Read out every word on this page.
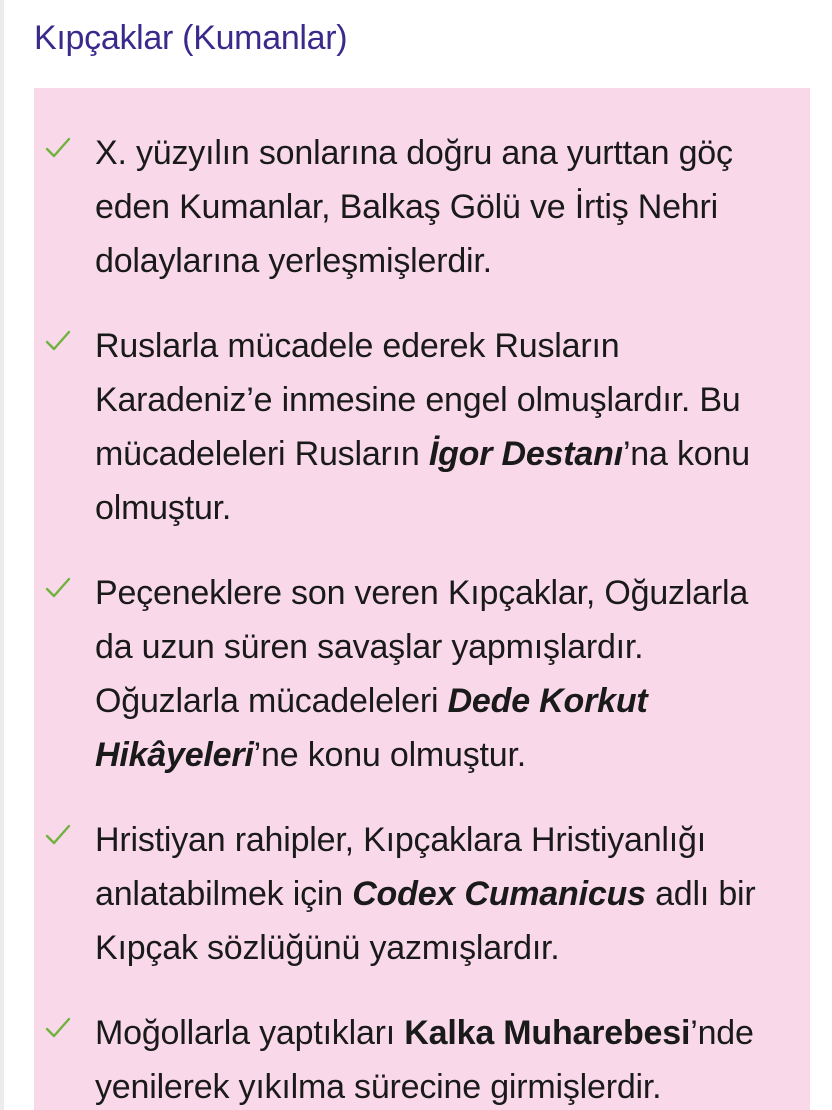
Kıpçaklar (Kumanlar)

X. yüzyılın sonlarına doğru ana yurttan göç eden Kumanlar, Balkaş Gölü ve İrtiş Nehri dolaylarına yerleşmişlerdir.

Ruslarla mücadele ederek Rusların Karadeniz’e inmesine engel olmuşlardır. Bu mücadeleleri Rusların İgor Destanı’na konu olmuştur.

Peçeneklere son veren Kıpçaklar, Oğuzlarla da uzun süren savaşlar yapmışlardır. Oğuzlarla mücadeleleri Dede Korkut Hikâyeleri’ne konu olmuştur.

Hristiyan rahipler, Kıpçaklara Hristiyanlığı anlatabilmek için Codex Cumanicus adlı bir Kıpçak sözlüğünü yazmışlardır.

Moğollarla yaptıkları Kalka Muharebesi’nde yenilerek yıkılma sürecine girmişlerdir.
